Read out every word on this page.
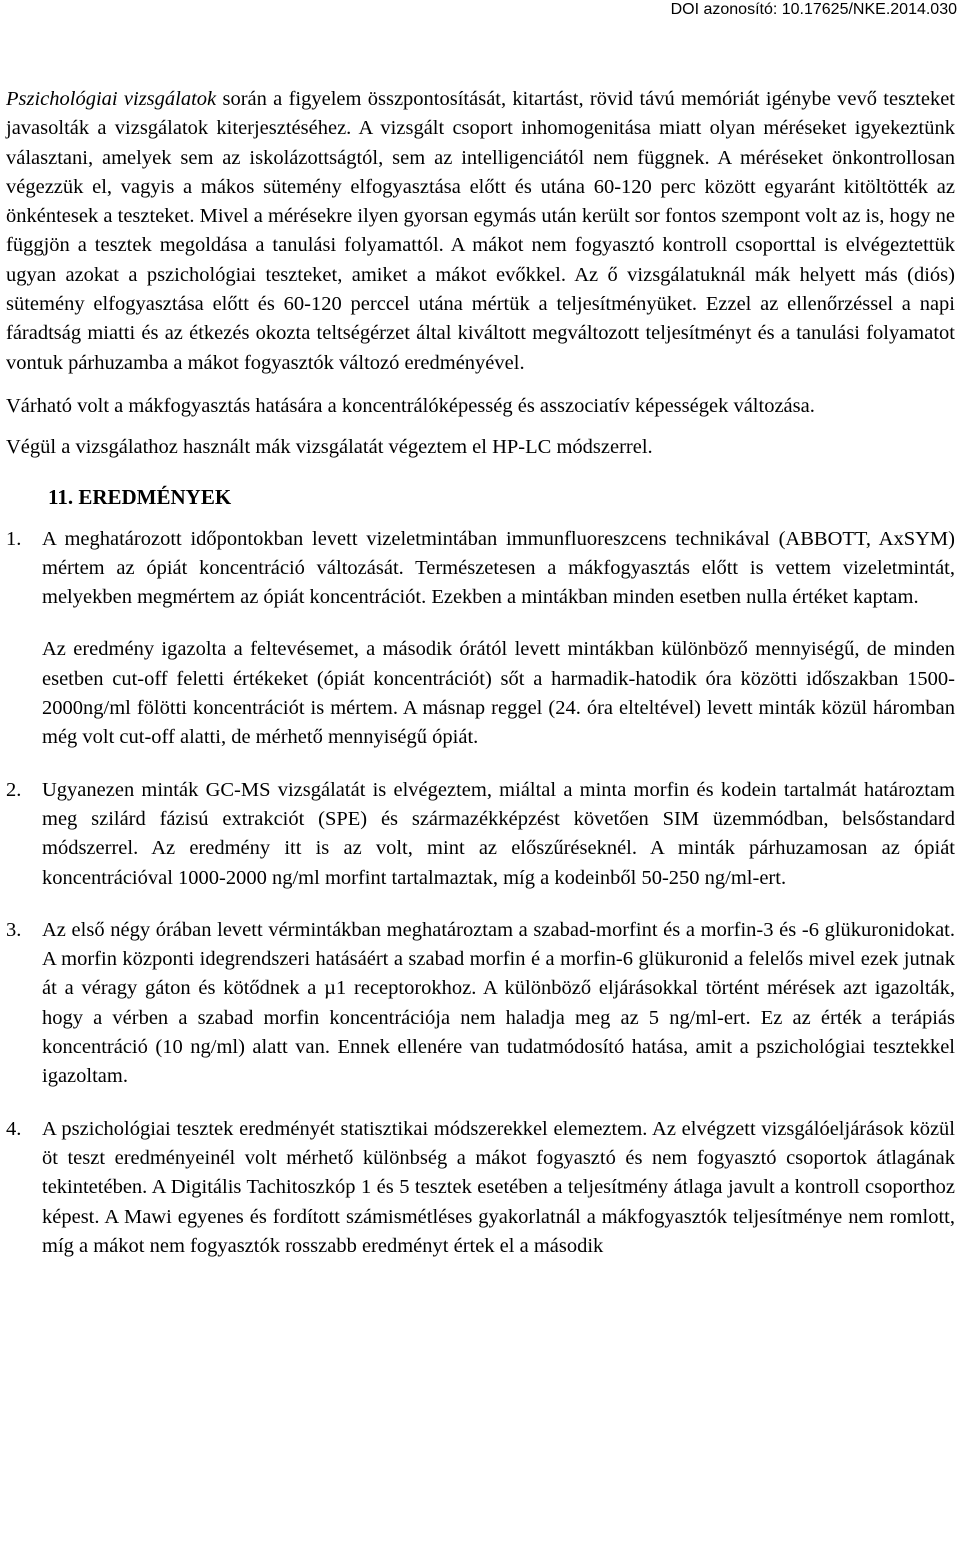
DOI azonosító: 10.17625/NKE.2014.030

Pszichológiai vizsgálatok során a figyelem összpontosítását, kitartást, rövid távú memóriát igénybe vevő teszteket javasolták a vizsgálatok kiterjesztéséhez. A vizsgált csoport inhomogenitása miatt olyan méréseket igyekeztünk választani, amelyek sem az iskolázottságtól, sem az intelligenciától nem függnek. A méréseket önkontrollosan végezzük el, vagyis a mákos sütemény elfogyasztása előtt és utána 60-120 perc között egyaránt kitöltötték az önkéntesek a teszteket. Mivel a mérésekre ilyen gyorsan egymás után került sor fontos szempont volt az is, hogy ne függjön a tesztek megoldása a tanulási folyamattól. A mákot nem fogyasztó kontroll csoporttal is elvégeztettük ugyan azokat a pszichológiai teszteket, amiket a mákot evőkkel. Az ő vizsgálatuknál mák helyett más (diós) sütemény elfogyasztása előtt és 60-120 perccel utána mértük a teljesítményüket. Ezzel az ellenőrzéssel a napi fáradtság miatti és az étkezés okozta teltségérzet által kiváltott megváltozott teljesítményt és a tanulási folyamatot vontuk párhuzamba a mákot fogyasztók változó eredményével.

Várható volt a mákfogyasztás hatására a koncentrálóképesség és asszociatív képességek változása.

Végül a vizsgálathoz használt mák vizsgálatát végeztem el HP-LC módszerrel.

11. EREDMÉNYEK
1. A meghatározott időpontokban levett vizeletmintában immunfluoreszcens technikával (ABBOTT, AxSYM) mértem az ópiát koncentráció változását. Természetesen a mákfogyasztás előtt is vettem vizeletmintát, melyekben megmértem az ópiát koncentrációt. Ezekben a mintákban minden esetben nulla értéket kaptam.

Az eredmény igazolta a feltevésemet, a második órától levett mintákban különböző mennyiségű, de minden esetben cut-off feletti értékeket (ópiát koncentrációt) sőt a harmadik-hatodik óra közötti időszakban 1500-2000ng/ml fölötti koncentrációt is mértem. A másnap reggel (24. óra elteltével) levett minták közül háromban még volt cut-off alatti, de mérhető mennyiségű ópiát.

2. Ugyanezen minták GC-MS vizsgálatát is elvégeztem, miáltal a minta morfin és kodein tartalmát határoztam meg szilárd fázisú extrakciót (SPE) és származékképzést követően SIM üzemmódban, belsőstandard módszerrel. Az eredmény itt is az volt, mint az előszűréseknél. A minták párhuzamosan az ópiát koncentrációval 1000-2000 ng/ml morfint tartalmaztak, míg a kodeinből 50-250 ng/ml-ert.

3. Az első négy órában levett vérmintákban meghatároztam a szabad-morfint és a morfin-3 és -6 glükuronidokat. A morfin központi idegrendszeri hatásáért a szabad morfin é a morfin-6 glükuronid a felelős mivel ezek jutnak át a véragy gáton és kötődnek a µ1 receptorokhoz. A különböző eljárásokkal történt mérések azt igazolták, hogy a vérben a szabad morfin koncentrációja nem haladja meg az 5 ng/ml-ert. Ez az érték a terápiás koncentráció (10 ng/ml) alatt van. Ennek ellenére van tudatmódosító hatása, amit a pszichológiai tesztekkel igazoltam.

4. A pszichológiai tesztek eredményét statisztikai módszerekkel elemeztem. Az elvégzett vizsgálóeljárások közül öt teszt eredményeinél volt mérhető különbség a mákot fogyasztó és nem fogyasztó csoportok átlagának tekintetében. A Digitális Tachitoszkóp 1 és 5 tesztek esetében a teljesítmény átlaga javult a kontroll csoporthoz képest. A Mawi egyenes és fordított számismétléses gyakorlatnál a mákfogyasztók teljesítménye nem romlott, míg a mákot nem fogyasztók rosszabb eredményt értek el a második
